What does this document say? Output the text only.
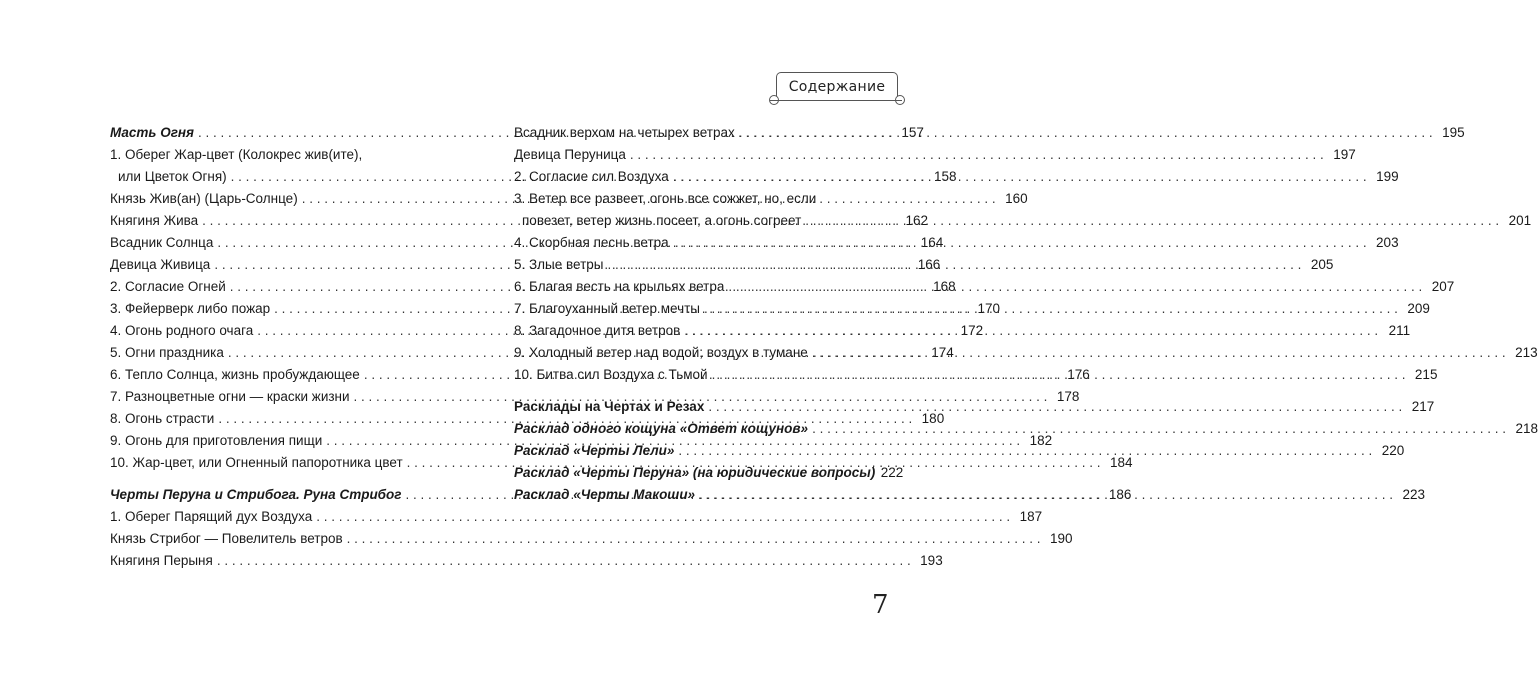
Содержание
Масть Огня . . .	157
1. Оберег Жар-цвет (Колокрес жив(ите),
или Цветок Огня) . . .	158
Князь Жив(ан) (Царь-Солнце) . . .	160
Княгиня Жива . . .	162
Всадник Солнца . . .	164
Девица Живица . . .	166
2. Согласие Огней . . .	168
3. Фейерверк либо пожар . . .	170
4. Огонь родного очага . . .	172
5. Огни праздника . . .	174
6. Тепло Солнца, жизнь пробуждающее . . .	176
7. Разноцветные огни — краски жизни . . .	178
8. Огонь страсти . . .	180
9. Огонь для приготовления пищи . . .	182
10. Жар-цвет, или Огненный папоротника цвет . . .	184
Черты Перуна и Стрибога. Руна Стрибог . . .	186
1. Оберег Парящий дух Воздуха . . .	187
Князь Стрибог — Повелитель ветров . . .	190
Княгиня Перыня . . .	193
Всадник верхом на четырех ветрах . . .	195
Девица Перуница . . .	197
2. Согласие сил Воздуха . . .	199
3. Ветер все развеет, огонь все сожжет, но, если
повезет, ветер жизнь посеет, а огонь согреет . . .	201
4. Скорбная песнь ветра . . .	203
5. Злые ветры . . .	205
6. Благая весть на крыльях ветра . . .	207
7. Благоуханный ветер мечты . . .	209
8. Загадочное дитя ветров . . .	211
9. Холодный ветер над водой; воздух в тумане . . .	213
10. Битва сил Воздуха с Тьмой . . .	215
Расклады на Чертах и Резах . . .	217
Расклад одного кощуна «Ответ кощунов» . . .	218
Расклад «Черты Лели» . . .	220
Расклад «Черты Перуна» (на юридические вопросы) 222
Расклад «Черты Макоши» . . .	223
7
